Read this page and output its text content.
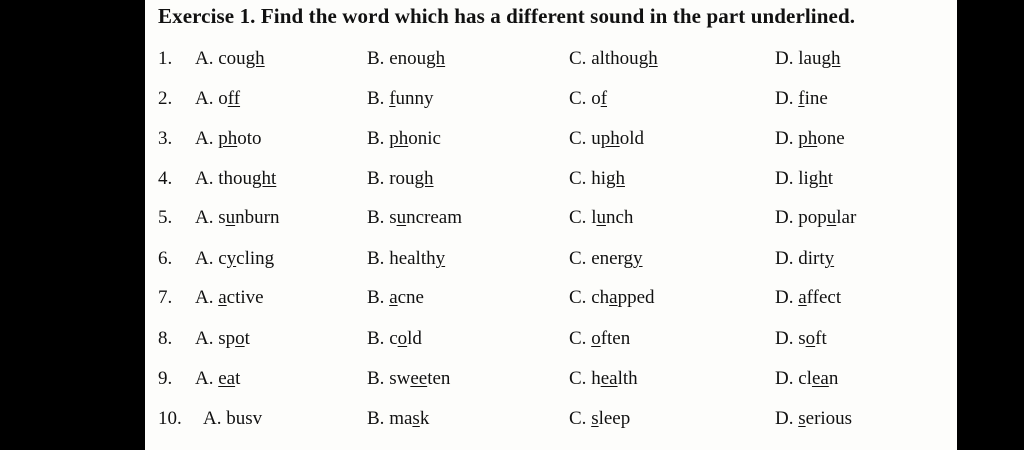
Exercise 1. Find the word which has a different sound in the part underlined.
1. A. cough	B. enough	C. although	D. laugh
2. A. off	B. funny	C. of	D. fine
3. A. photo	B. phonic	C. uphold	D. phone
4. A. thought	B. rough	C. high	D. light
5. A. sunburn	B. suncream	C. lunch	D. popular
6. A. cycling	B. healthy	C. energy	D. dirty
7. A. active	B. acne	C. chapped	D. affect
8. A. spot	B. cold	C. often	D. soft
9. A. eat	B. sweeten	C. health	D. clean
10. A. busv	B. mask	C. sleep	D. serious
